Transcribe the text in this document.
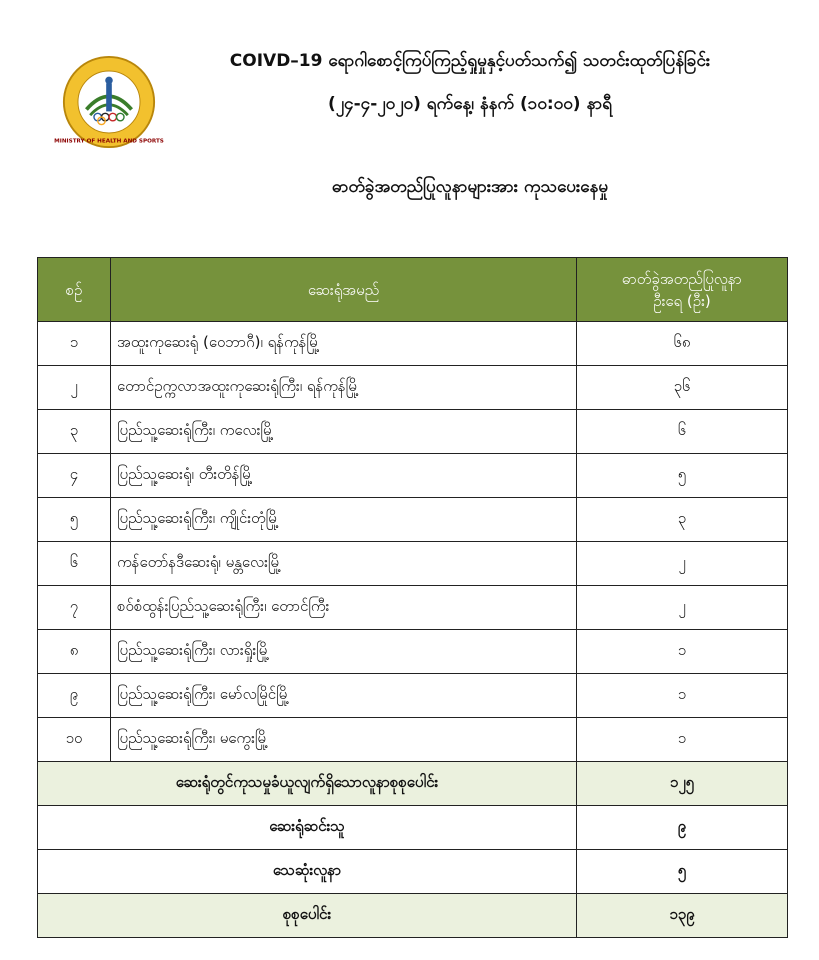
MINISTRY OF HEALTH AND SPORTS
COIVD–19 ရောဂါစောင့်ကြပ်ကြည့်ရှုမှုနှင့်ပတ်သက်၍ သတင်းထုတ်ပြန်ခြင်း
(၂၄-၄-၂၀၂၀) ရက်နေ့၊ နံနက် (၁၀:၀၀) နာရီ
ဓာတ်ခွဲအတည်ပြုလူနာများအား ကုသပေးနေမှု
စဉ်	ဆေးရုံအမည်	ဓာတ်ခွဲအတည်ပြုလူနာ
ဦးရေ (ဦး)
၁	အထူးကုဆေးရုံ (ဝေဘာဂီ)၊ ရန်ကုန်မြို့	၆၈
၂	တောင်ဥက္ကလာအထူးကုဆေးရုံကြီး၊ ရန်ကုန်မြို့	၃၆
၃	ပြည်သူ့ဆေးရုံကြီး၊ ကလေးမြို့	၆
၄	ပြည်သူ့ဆေးရုံ၊ တီးတိန်မြို့	၅
၅	ပြည်သူ့ဆေးရုံကြီး၊ ကျိုင်းတုံမြို့	၃
၆	ကန်တော်နဒီဆေးရုံ၊ မန္တလေးမြို့	၂
၇	စဝ်စံထွန်းပြည်သူ့ဆေးရုံကြီး၊ တောင်ကြီး	၂
၈	ပြည်သူ့ဆေးရုံကြီး၊ လားရှိုးမြို့	၁
၉	ပြည်သူ့ဆေးရုံကြီး၊ မော်လမြိုင်မြို့	၁
၁၀	ပြည်သူ့ဆေးရုံကြီး၊ မကွေးမြို့	၁
ဆေးရုံတွင်ကုသမှုခံယူလျက်ရှိသောလူနာစုစုပေါင်း		၁၂၅
ဆေးရုံဆင်းသူ		၉
သေဆုံးလူနာ		၅
စုစုပေါင်း		၁၃၉
